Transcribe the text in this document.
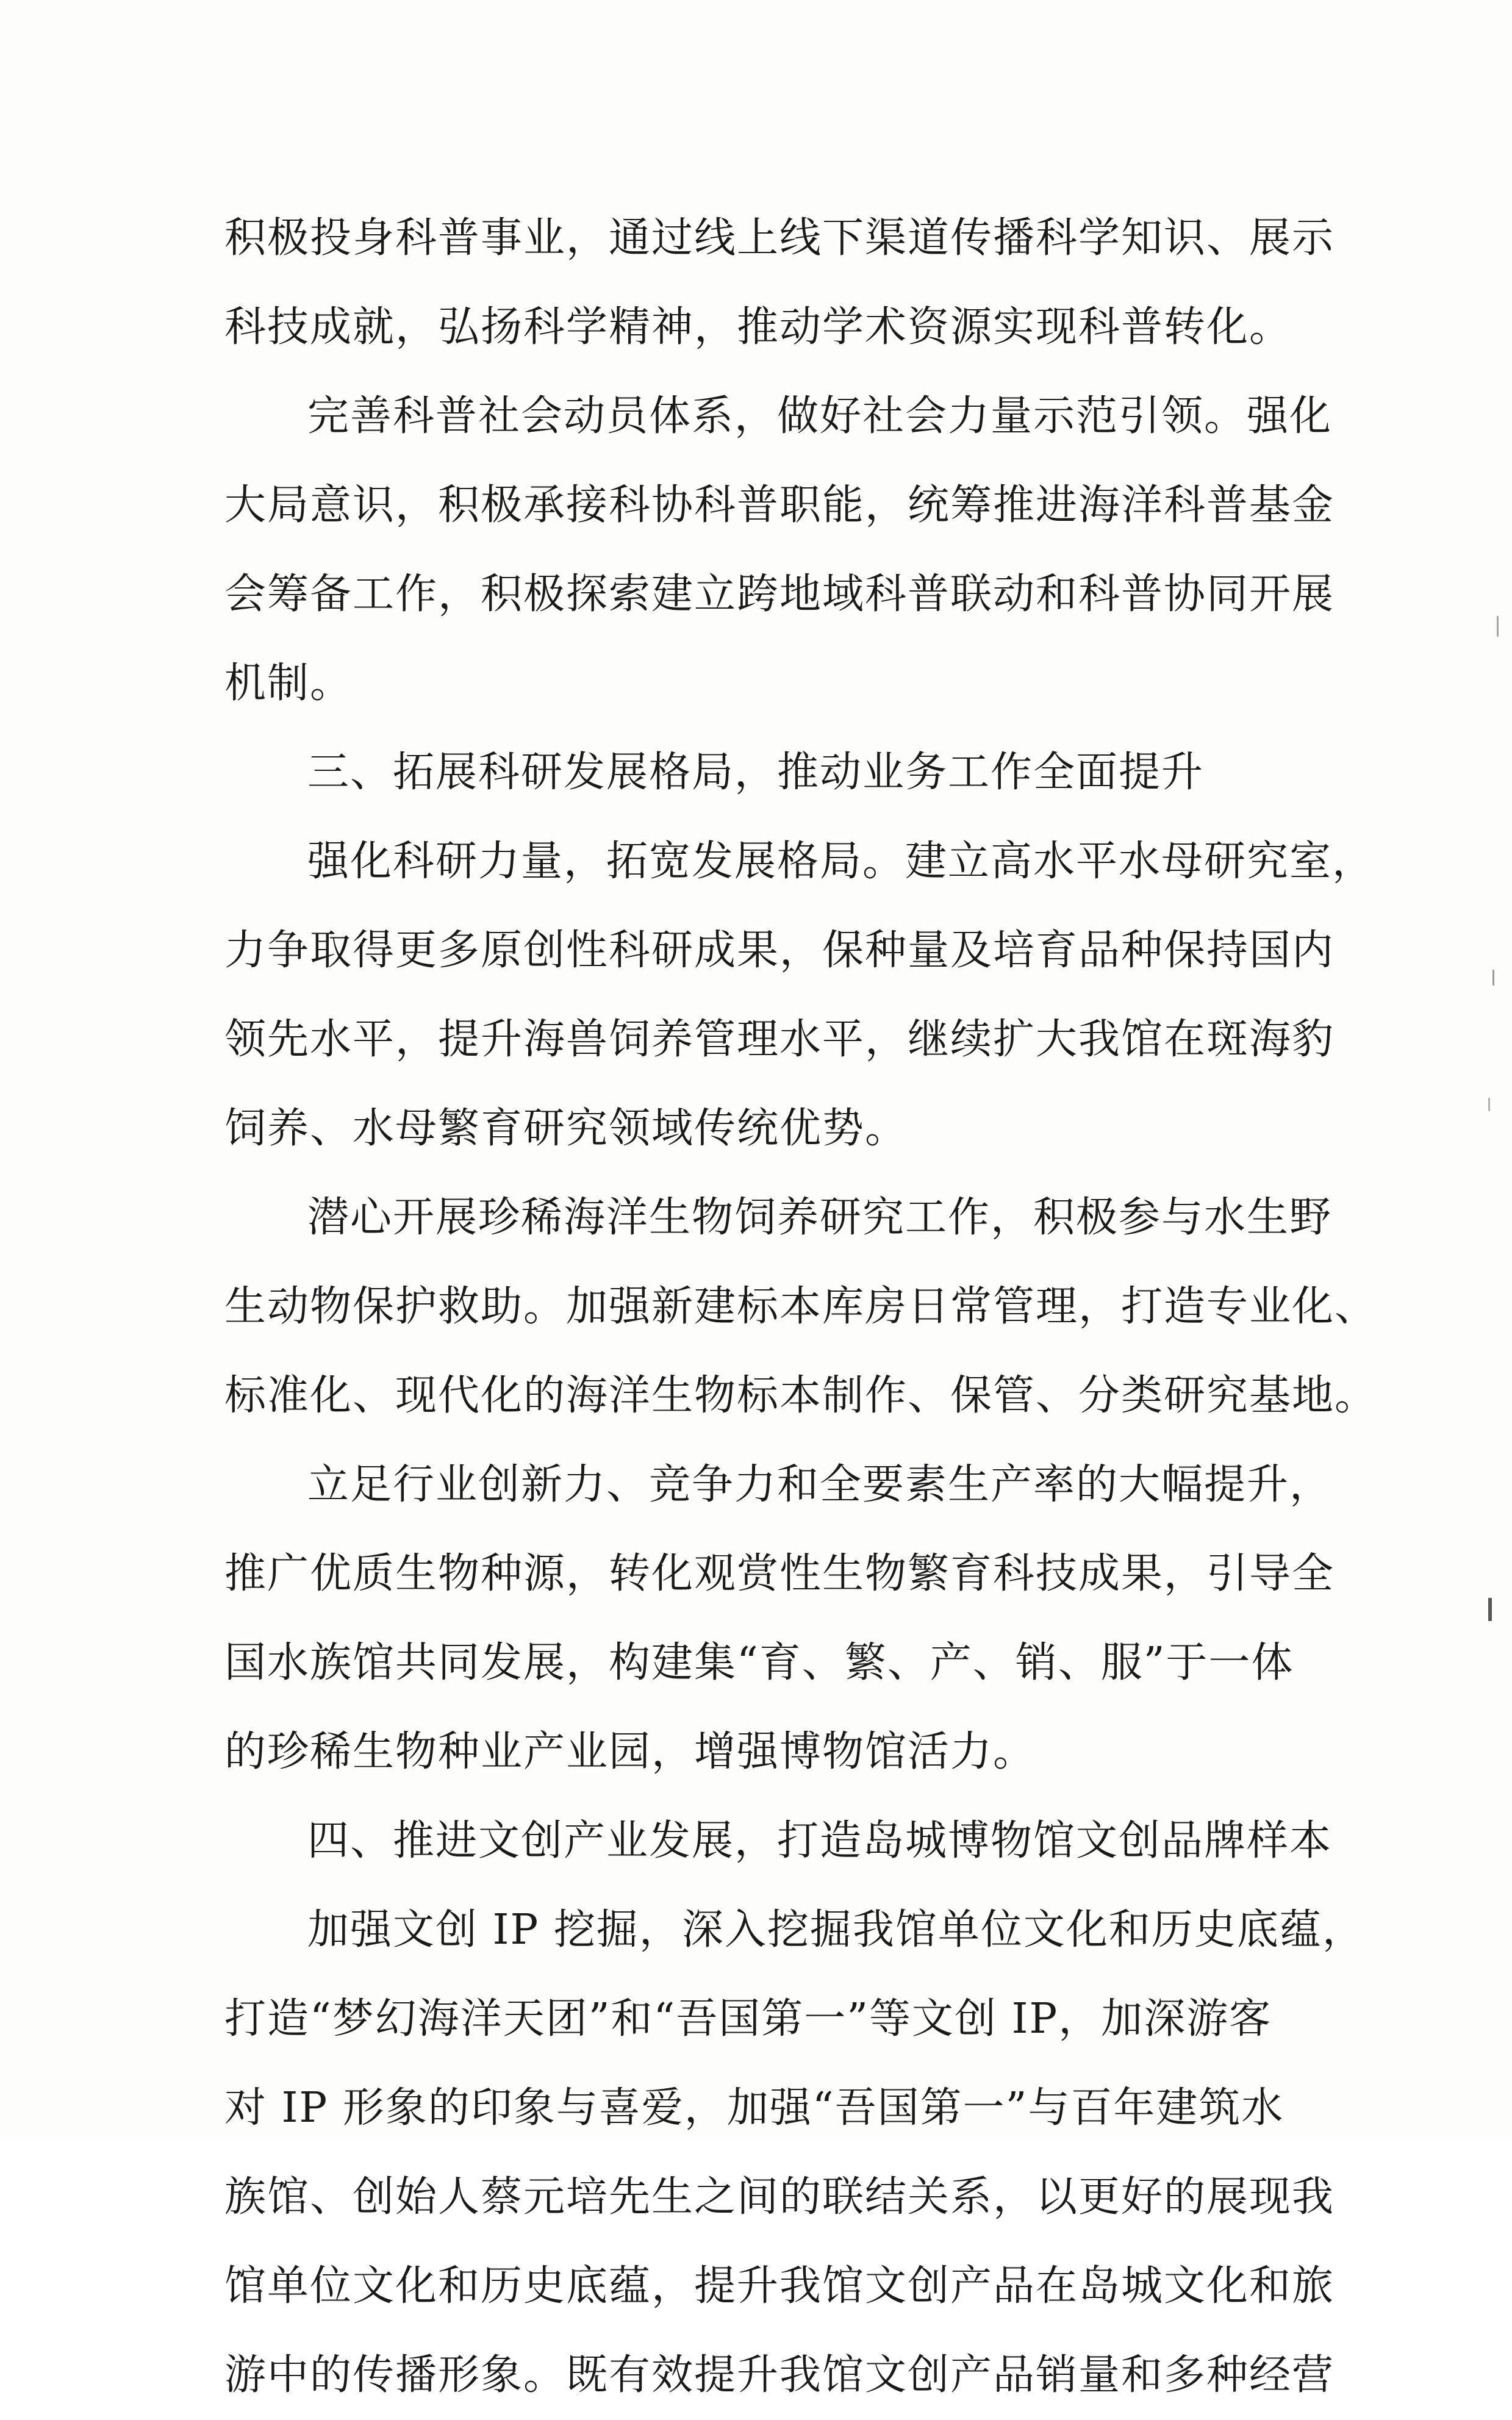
积极投身科普事业，通过线上线下渠道传播科学知识、展示
科技成就，弘扬科学精神，推动学术资源实现科普转化。
完善科普社会动员体系，做好社会力量示范引领。强化
大局意识，积极承接科协科普职能，统筹推进海洋科普基金
会筹备工作，积极探索建立跨地域科普联动和科普协同开展
机制。
三、拓展科研发展格局，推动业务工作全面提升
强化科研力量，拓宽发展格局。建立高水平水母研究室，
力争取得更多原创性科研成果，保种量及培育品种保持国内
领先水平，提升海兽饲养管理水平，继续扩大我馆在斑海豹
饲养、水母繁育研究领域传统优势。
潜心开展珍稀海洋生物饲养研究工作，积极参与水生野
生动物保护救助。加强新建标本库房日常管理，打造专业化、
标准化、现代化的海洋生物标本制作、保管、分类研究基地。
立足行业创新力、竞争力和全要素生产率的大幅提升，
推广优质生物种源，转化观赏性生物繁育科技成果，引导全
国水族馆共同发展，构建集“育、繁、产、销、服”于一体
的珍稀生物种业产业园，增强博物馆活力。
四、推进文创产业发展，打造岛城博物馆文创品牌样本
加强文创 IP 挖掘，深入挖掘我馆单位文化和历史底蕴，
打造“梦幻海洋天团”和“吾国第一”等文创 IP，加深游客
对 IP 形象的印象与喜爱，加强“吾国第一”与百年建筑水
族馆、创始人蔡元培先生之间的联结关系，以更好的展现我
馆单位文化和历史底蕴，提升我馆文创产品在岛城文化和旅
游中的传播形象。既有效提升我馆文创产品销量和多种经营
